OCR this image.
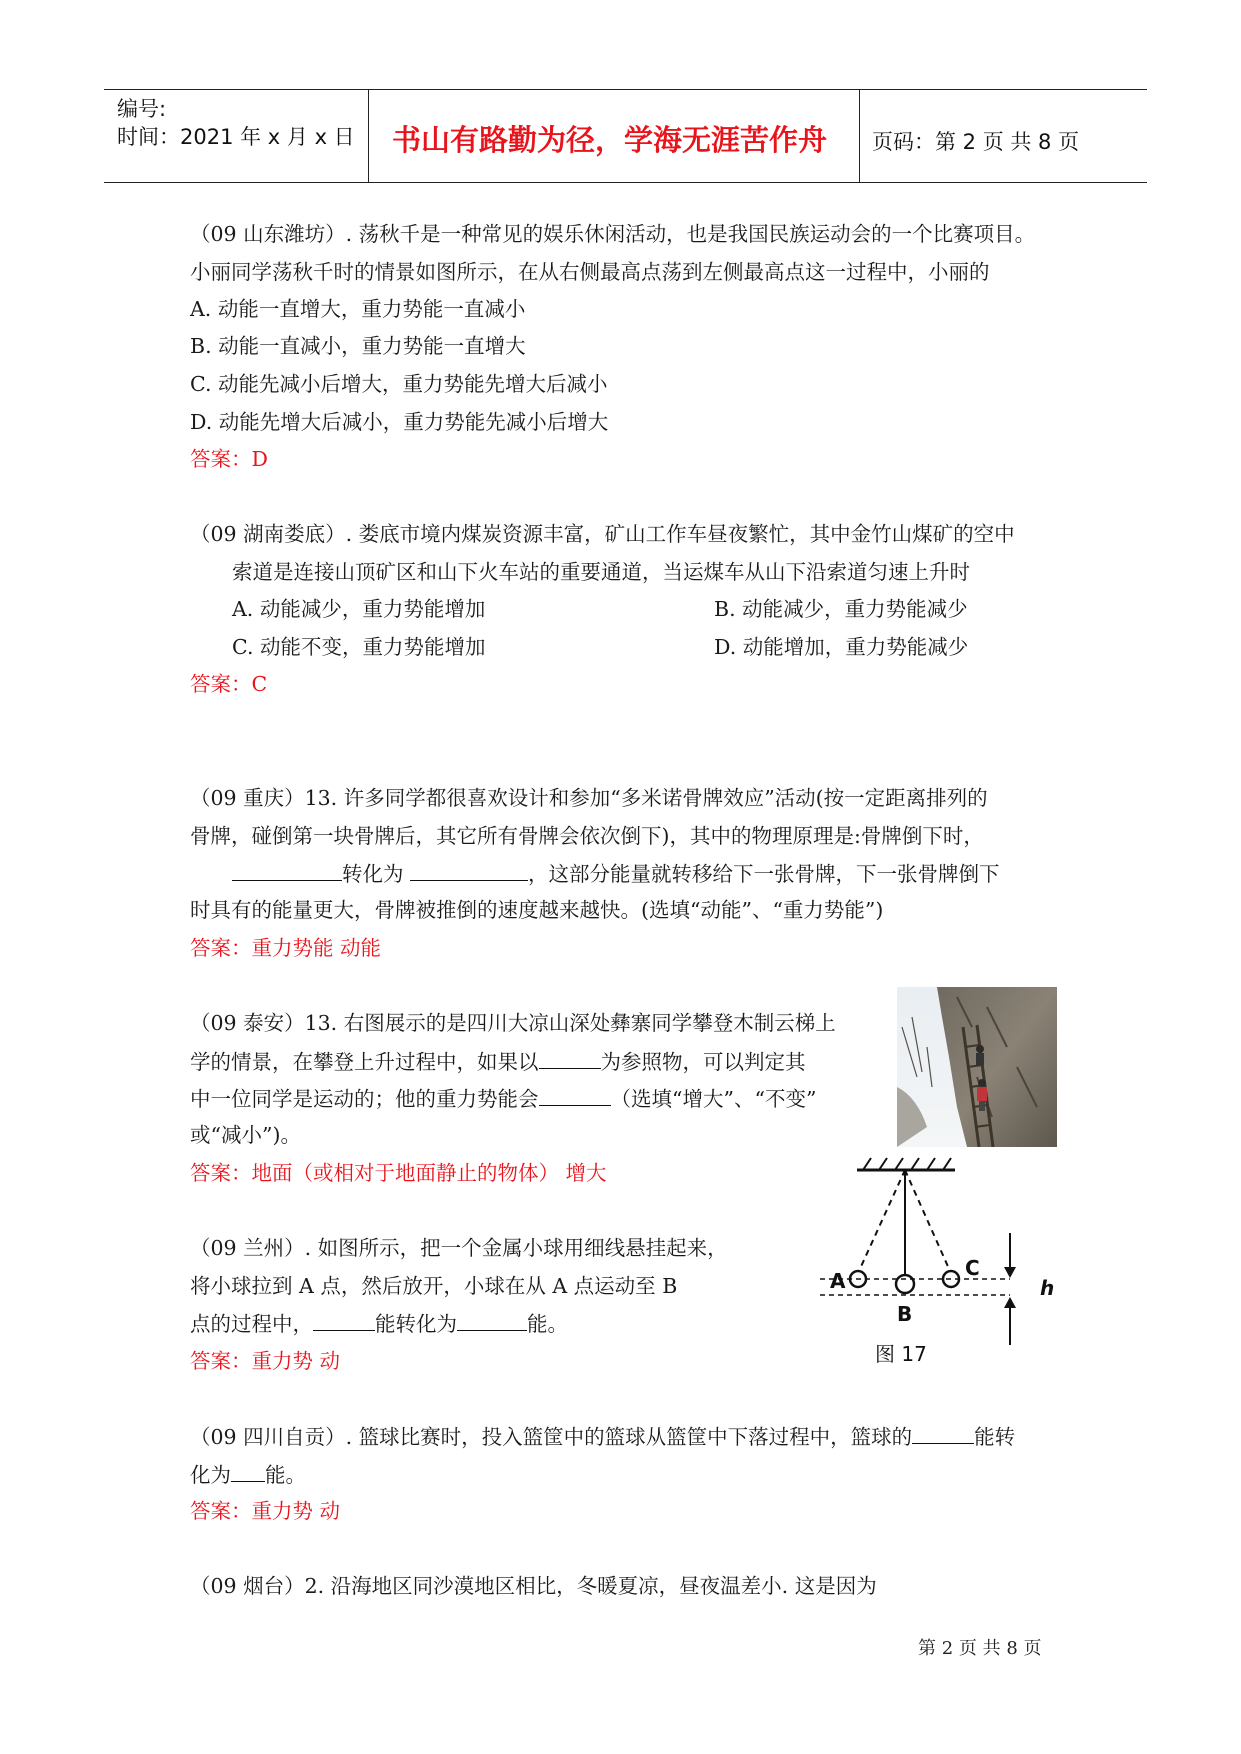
编号:
时间：2021 年 x 月 x 日 书山有路勤为径，学海无涯苦作舟 页码：第 2 页 共 8 页
（09 山东潍坊）. 荡秋千是一种常见的娱乐休闲活动，也是我国民族运动会的一个比赛项目。
小丽同学荡秋千时的情景如图所示，在从右侧最高点荡到左侧最高点这一过程中，小丽的
A. 动能一直增大，重力势能一直减小
B. 动能一直减小，重力势能一直增大
C. 动能先减小后增大，重力势能先增大后减小
D. 动能先增大后减小，重力势能先减小后增大
答案：D
（09 湖南娄底）. 娄底市境内煤炭资源丰富，矿山工作车昼夜繁忙，其中金竹山煤矿的空中
索道是连接山顶矿区和山下火车站的重要通道，当运煤车从山下沿索道匀速上升时
A. 动能减少，重力势能增加	B. 动能减少，重力势能减少
C. 动能不变，重力势能增加	D. 动能增加，重力势能减少
答案：C
（09 重庆）13. 许多同学都很喜欢设计和参加“多米诺骨牌效应”活动(按一定距离排列的
骨牌，碰倒第一块骨牌后，其它所有骨牌会依次倒下)，其中的物理原理是:骨牌倒下时，
转化为	，这部分能量就转移给下一张骨牌，下一张骨牌倒下
时具有的能量更大，骨牌被推倒的速度越来越快。(选填“动能”、“重力势能”)
答案：重力势能 动能
（09 泰安）13. 右图展示的是四川大凉山深处彝寨同学攀登木制云梯上
学的情景，在攀登上升过程中，如果以	为参照物，可以判定其
中一位同学是运动的；他的重力势能会	（选填“增大”、“不变”
或“减小”)。
答案：地面（或相对于地面静止的物体） 增大
（09 兰州）. 如图所示，把一个金属小球用细线悬挂起来，
将小球拉到 A 点，然后放开，小球在从 A 点运动至 B
点的过程中，	能转化为	能。
答案：重力势 动
A
B
C
h
图 17
（09 四川自贡）. 篮球比赛时，投入篮筐中的篮球从篮筐中下落过程中，篮球的	能转
化为 能。
答案：重力势 动
（09 烟台）2. 沿海地区同沙漠地区相比，冬暖夏凉，昼夜温差小. 这是因为
第 2 页 共 8 页
